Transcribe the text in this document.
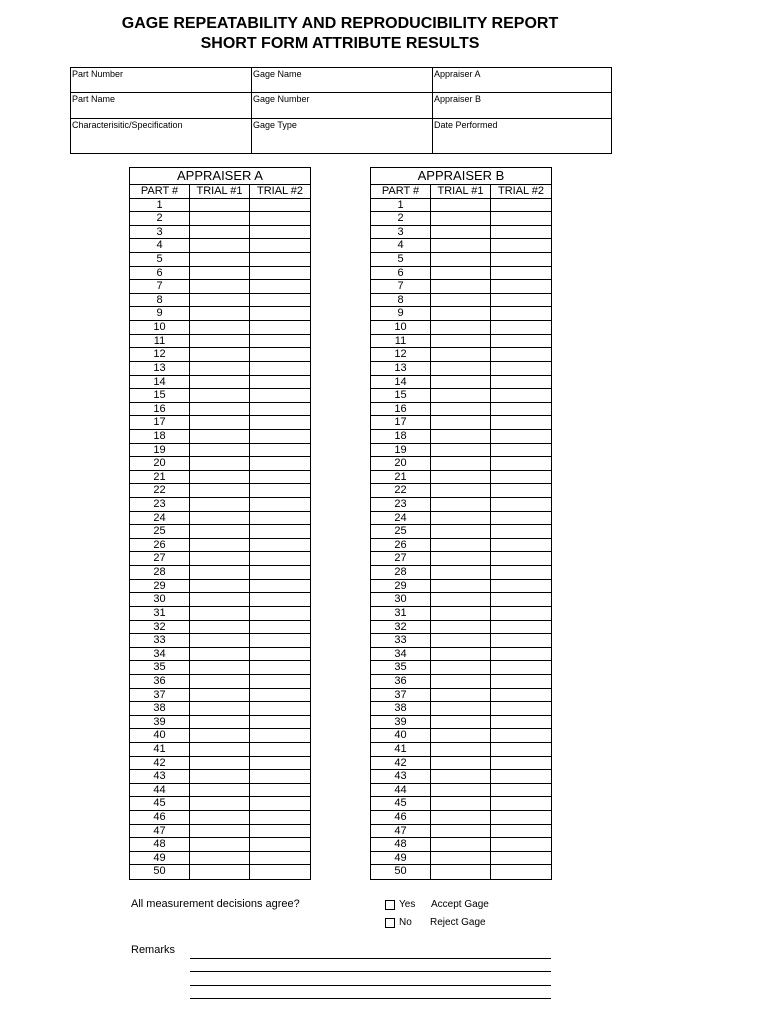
GAGE REPEATABILITY AND REPRODUCIBILITY REPORT
SHORT FORM ATTRIBUTE RESULTS
Part Number	Gage Name	Appraiser A
Part Name	Gage Number	Appraiser B
Characterisitic/Specification	Gage Type	Date Performed
APPRAISER A
PART #	TRIAL #1	TRIAL #2
1
2
3
4
5
6
7
8
9
10
11
12
13
14
15
16
17
18
19
20
21
22
23
24
25
26
27
28
29
30
31
32
33
34
35
36
37
38
39
40
41
42
43
44
45
46
47
48
49
50
APPRAISER B
PART #	TRIAL #1	TRIAL #2
1
2
3
4
5
6
7
8
9
10
11
12
13
14
15
16
17
18
19
20
21
22
23
24
25
26
27
28
29
30
31
32
33
34
35
36
37
38
39
40
41
42
43
44
45
46
47
48
49
50
All measurement decisions agree?	Yes
No
Accept Gage
Reject Gage
Remarks
